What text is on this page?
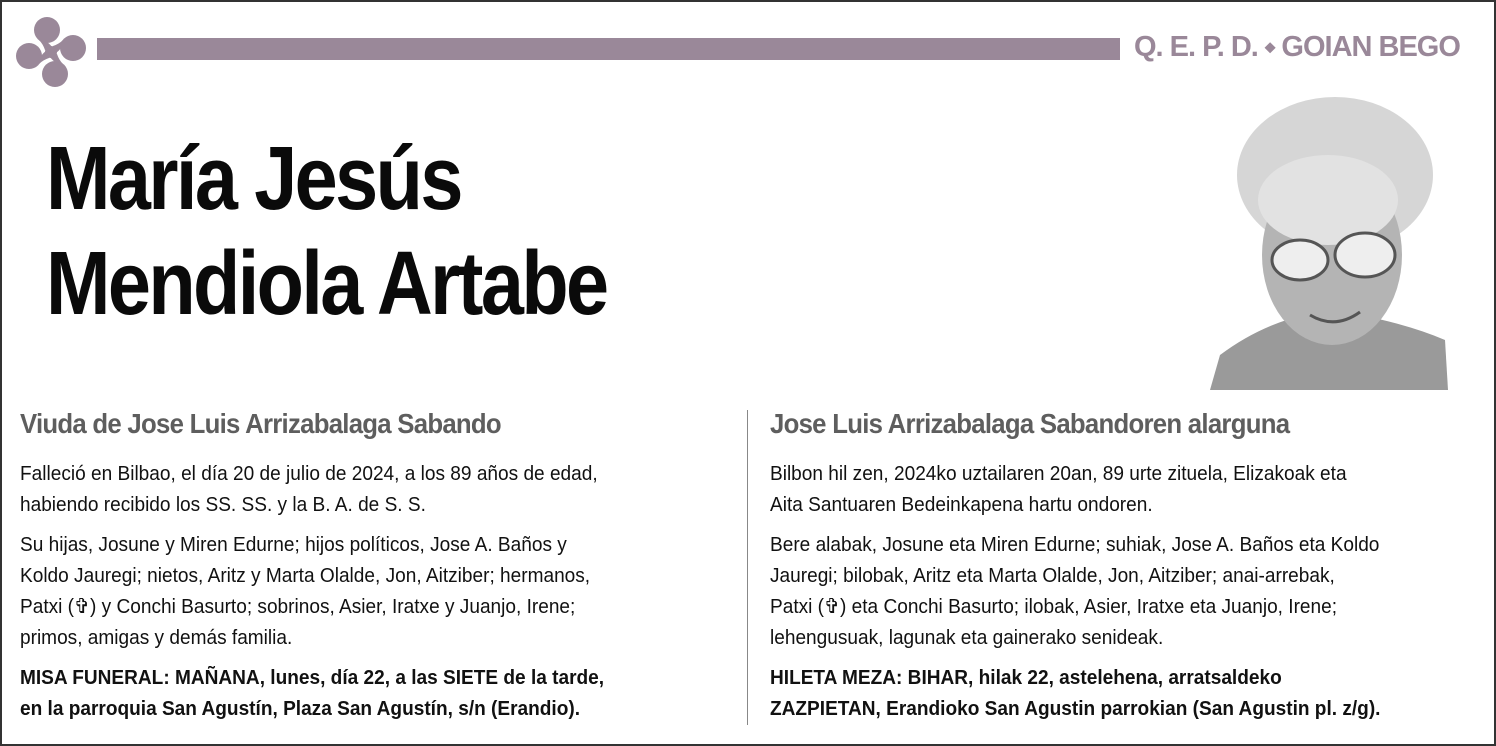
Q. E. P. D. ⬩ GOIAN BEGO
María Jesús
Mendiola Artabe
Viuda de Jose Luis Arrizabalaga Sabando
Falleció en Bilbao, el día 20 de julio de 2024, a los 89 años de edad,
habiendo recibido los SS. SS. y la B. A. de S. S.
Su hijas, Josune y Miren Edurne; hijos políticos, Jose A. Baños y
Koldo Jauregi; nietos, Aritz y Marta Olalde, Jon, Aitziber; hermanos,
Patxi (✞) y Conchi Basurto; sobrinos, Asier, Iratxe y Juanjo, Irene;
primos, amigas y demás familia.
MISA FUNERAL: MAÑANA, lunes, día 22, a las SIETE de la tarde,
en la parroquia San Agustín, Plaza San Agustín, s/n (Erandio).
Jose Luis Arrizabalaga Sabandoren alarguna
Bilbon hil zen, 2024ko uztailaren 20an, 89 urte zituela, Elizakoak eta
Aita Santuaren Bedeinkapena hartu ondoren.
Bere alabak, Josune eta Miren Edurne; suhiak, Jose A. Baños eta Koldo
Jauregi; bilobak, Aritz eta Marta Olalde, Jon, Aitziber; anai-arrebak,
Patxi (✞) eta Conchi Basurto; ilobak, Asier, Iratxe eta Juanjo, Irene;
lehengusuak, lagunak eta gainerako senideak.
HILETA MEZA: BIHAR, hilak 22, astelehena, arratsaldeko
ZAZPIETAN, Erandioko San Agustin parrokian (San Agustin pl. z/g).
